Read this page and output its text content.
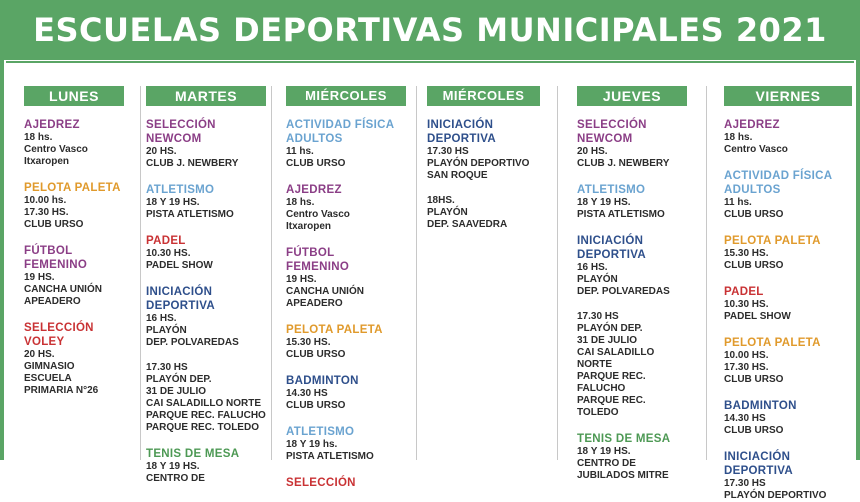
ESCUELAS DEPORTIVAS MUNICIPALES 2021
LUNES
AJEDREZ
18 hs.
Centro Vasco
Itxaropen
PELOTA PALETA
10.00 hs.
17.30 HS.
CLUB URSO
FÚTBOL
FEMENINO
19 HS.
CANCHA UNIÓN
APEADERO
SELECCIÓN
VOLEY
20 HS.
GIMNASIO ESCUELA
PRIMARIA N°26
MARTES
SELECCIÓN
NEWCOM
20 HS.
CLUB J. NEWBERY
ATLETISMO
18 Y 19 HS.
PISTA ATLETISMO
PADEL
10.30 HS.
PADEL SHOW
INICIACIÓN
DEPORTIVA
16 HS.
PLAYÓN
DEP. POLVAREDAS
17.30 HS
PLAYÓN DEP.
31 DE JULIO
CAI SALADILLO NORTE
PARQUE REC. FALUCHO
PARQUE REC. TOLEDO
TENIS DE MESA
18 Y 19 HS.
CENTRO DE
MIÉRCOLES
ACTIVIDAD FÍSICA
ADULTOS
11 hs.
CLUB URSO
AJEDREZ
18 hs.
Centro Vasco
Itxaropen
FÚTBOL
FEMENINO
19 HS.
CANCHA UNIÓN
APEADERO
PELOTA PALETA
15.30 HS.
CLUB URSO
BADMINTON
14.30 HS
CLUB URSO
ATLETISMO
18 Y 19 hs.
PISTA ATLETISMO
SELECCIÓN
MIÉRCOLES
INICIACIÓN
DEPORTIVA
17.30 HS
PLAYÓN DEPORTIVO
SAN ROQUE
18HS.
PLAYÓN
DEP. SAAVEDRA
JUEVES
SELECCIÓN
NEWCOM
20 HS.
CLUB J. NEWBERY
ATLETISMO
18 Y 19 HS.
PISTA ATLETISMO
INICIACIÓN
DEPORTIVA
16 HS.
PLAYÓN
DEP. POLVAREDAS
17.30 HS
PLAYÓN DEP.
31 DE JULIO
CAI SALADILLO NORTE
PARQUE REC. FALUCHO
PARQUE REC. TOLEDO
TENIS DE MESA
18 Y 19 HS.
CENTRO DE
JUBILADOS MITRE
VIERNES
AJEDREZ
18 hs.
Centro Vasco
ACTIVIDAD FÍSICA
ADULTOS
11 hs.
CLUB URSO
PELOTA PALETA
15.30 HS.
CLUB URSO
PADEL
10.30 HS.
PADEL SHOW
PELOTA PALETA
10.00 HS.
17.30 HS.
CLUB URSO
BADMINTON
14.30 HS
CLUB URSO
INICIACIÓN
DEPORTIVA
17.30 HS
PLAYÓN DEPORTIVO
